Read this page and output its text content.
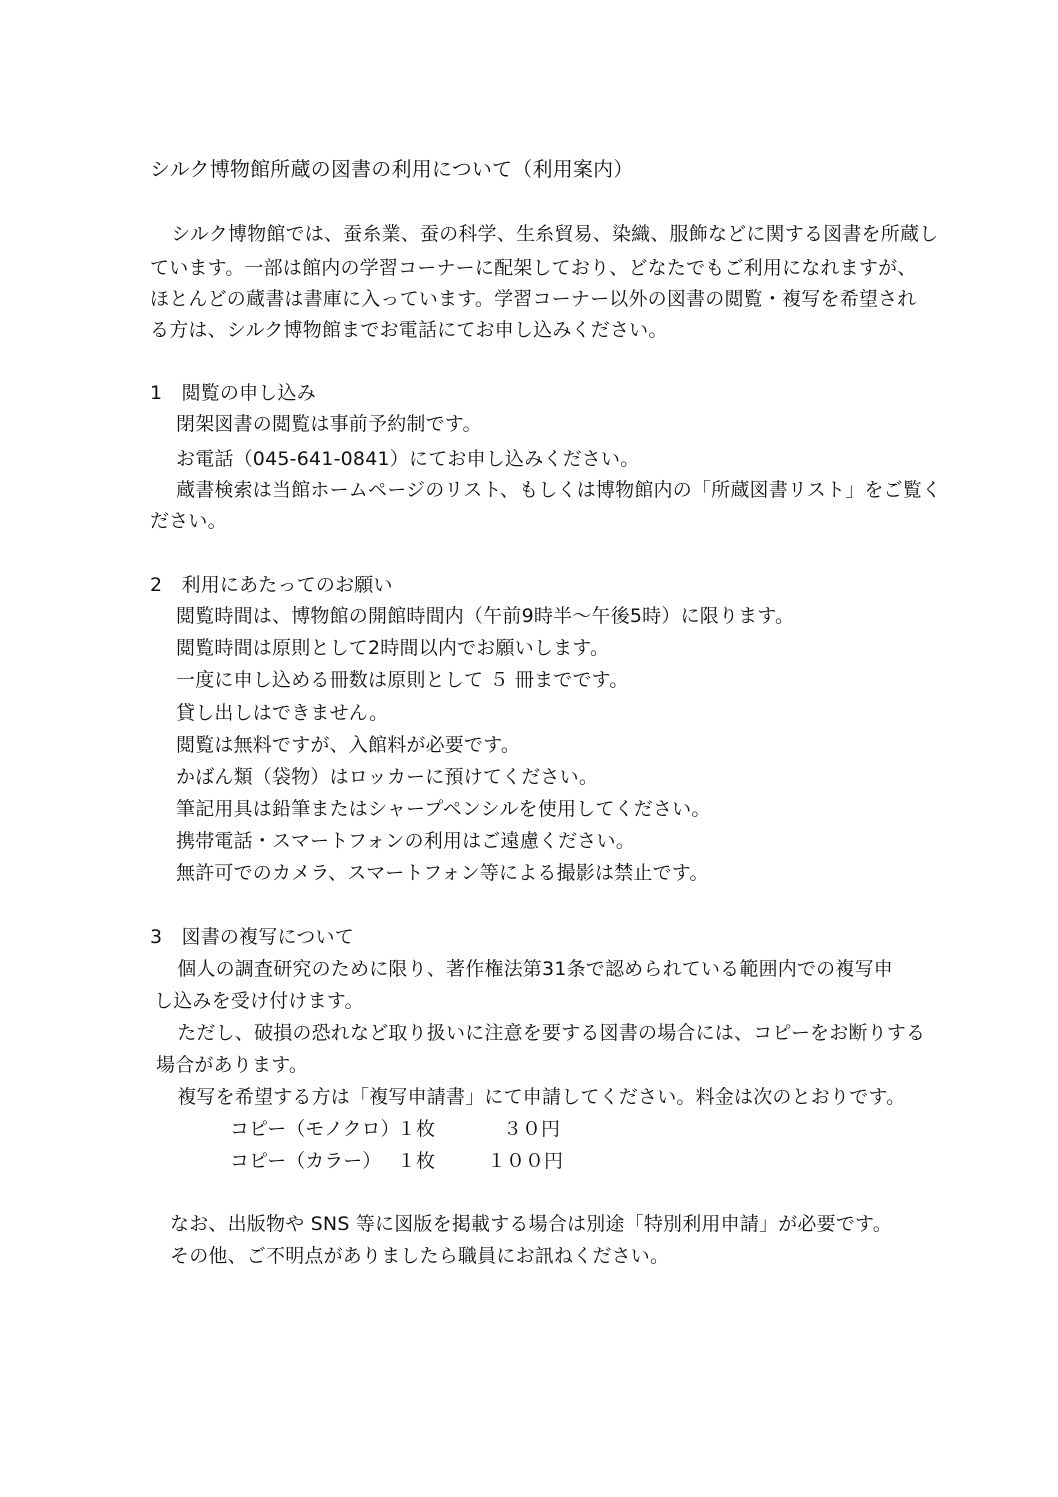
シルク博物館所蔵の図書の利用について（利用案内）

　シルク博物館では、蚕糸業、蚕の科学、生糸貿易、染織、服飾などに関する図書を所蔵し

ています。一部は館内の学習コーナーに配架しており、どなたでもご利用になれますが、

ほとんどの蔵書は書庫に入っています。学習コーナー以外の図書の閲覧・複写を希望され

る方は、シルク博物館までお電話にてお申し込みください。

1　閲覧の申し込み

閉架図書の閲覧は事前予約制です。

お電話（045-641-0841）にてお申し込みください。

蔵書検索は当館ホームページのリスト、もしくは博物館内の「所蔵図書リスト」をご覧く

ださい。

2　利用にあたってのお願い

閲覧時間は、博物館の開館時間内（午前9時半～午後5時）に限ります。

閲覧時間は原則として2時間以内でお願いします。

一度に申し込める冊数は原則として ５ 冊までです。

貸し出しはできません。

閲覧は無料ですが、入館料が必要です。

かばん類（袋物）はロッカーに預けてください。

筆記用具は鉛筆またはシャープペンシルを使用してください。

携帯電話・スマートフォンの利用はご遠慮ください。

無許可でのカメラ、スマートフォン等による撮影は禁止です。

3　図書の複写について

　個人の調査研究のために限り、著作権法第31条で認められている範囲内での複写申

し込みを受け付けます。

　ただし、破損の恐れなど取り扱いに注意を要する図書の場合には、コピーをお断りする

場合があります。

　複写を希望する方は「複写申請書」にて申請してください。料金は次のとおりです。

コピー（モノクロ）
１枚	３０円
コピー（カラー） １枚	１００円

なお、出版物や SNS 等に図版を掲載する場合は別途「特別利用申請」が必要です。

その他、ご不明点がありましたら職員にお訊ねください。
